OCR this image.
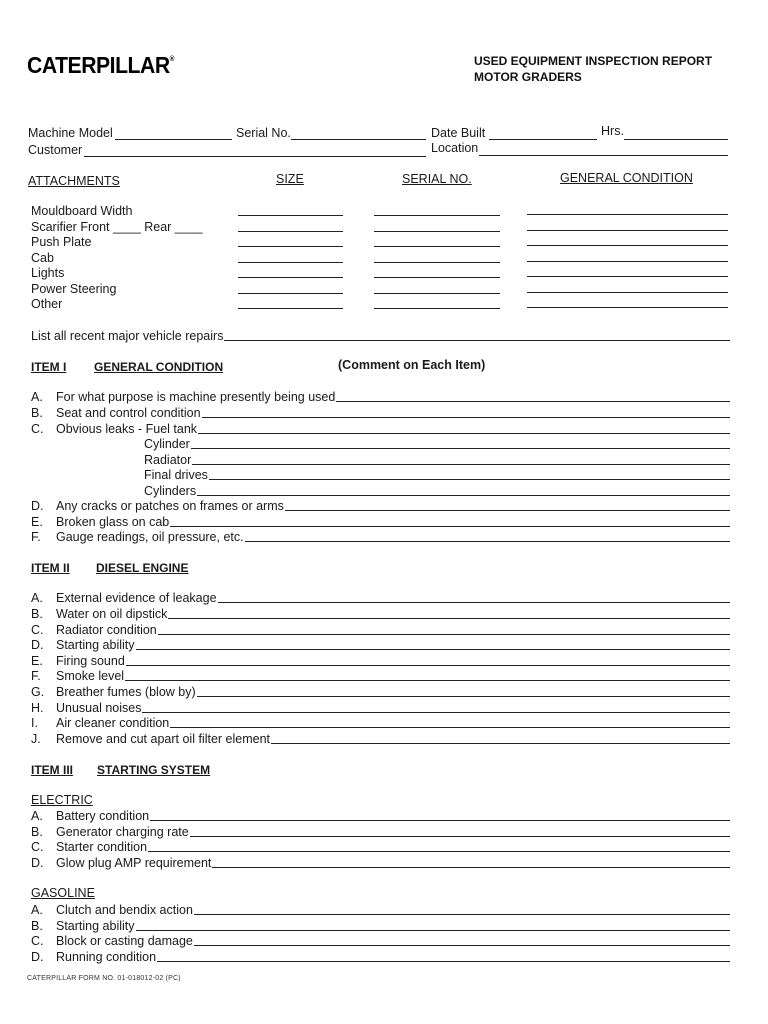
CATERPILLAR®	USED EQUIPMENT INSPECTION REPORT
MOTOR GRADERS
Machine Model	Serial No.	Date Built	Hrs.
Customer	Location
ATTACHMENTS	SIZE	SERIAL NO.	GENERAL CONDITION
Mouldboard Width
Scarifier Front ____ Rear ____
Push Plate
Cab
Lights
Power Steering
Other
List all recent major vehicle repairs
ITEM I GENERAL CONDITION	(Comment on Each Item)
A.	For what purpose is machine presently being used
B.	Seat and control condition
C.	Obvious leaks - Fuel tank
Cylinder
Radiator
Final drives
Cylinders
D.	Any cracks or patches on frames or arms
E.	Broken glass on cab
F.	Gauge readings, oil pressure, etc.
ITEM II DIESEL ENGINE
A.	External evidence of leakage
B.	Water on oil dipstick
C.	Radiator condition
D.	Starting ability
E.	Firing sound
F.	Smoke level
G. Breather fumes (blow by)
H.	Unusual noises
I.	Air cleaner condition
J.	Remove and cut apart oil filter element
ITEM III STARTING SYSTEM
ELECTRIC
A.	Battery condition
B.	Generator charging rate
C.	Starter condition
D.	Glow plug AMP requirement
GASOLINE
A.	Clutch and bendix action
B.	Starting ability
C.	Block or casting damage
D.	Running condition
CATERPILLAR FORM NO. 01-018012-02 (PC)
